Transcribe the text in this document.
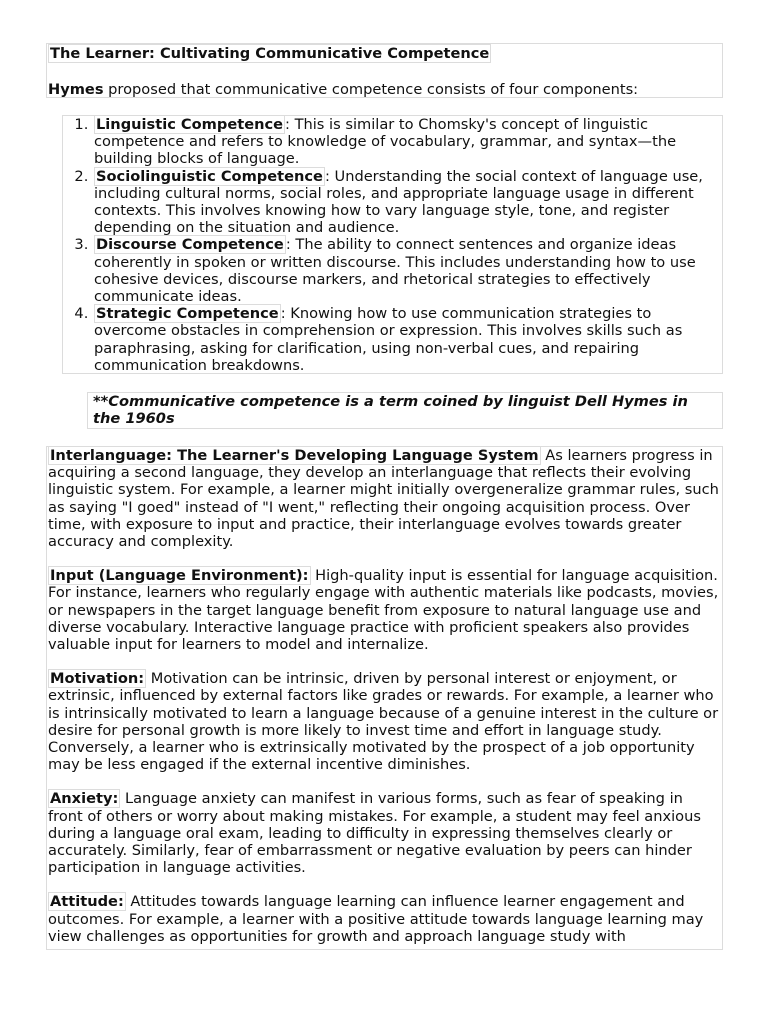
The Learner: Cultivating Communicative Competence
Hymes proposed that communicative competence consists of four components:
1. Linguistic Competence : This is similar to Chomsky's concept of linguistic competence and refers to knowledge of vocabulary, grammar, and syntax—the building blocks of language.
2. Sociolinguistic Competence : Understanding the social context of language use, including cultural norms, social roles, and appropriate language usage in different contexts. This involves knowing how to vary language style, tone, and register depending on the situation and audience.
3. Discourse Competence : The ability to connect sentences and organize ideas coherently in spoken or written discourse. This includes understanding how to use cohesive devices, discourse markers, and rhetorical strategies to effectively communicate ideas.
4. Strategic Competence : Knowing how to use communication strategies to overcome obstacles in comprehension or expression. This involves skills such as paraphrasing, asking for clarification, using non-verbal cues, and repairing communication breakdowns.
**Communicative competence is a term coined by linguist Dell Hymes in the 1960s

Interlanguage: The Learner's Developing Language System As learners progress in acquiring a second language, they develop an interlanguage that reflects their evolving linguistic system. For example, a learner might initially overgeneralize grammar rules, such as saying "I goed" instead of "I went," reflecting their ongoing acquisition process. Over time, with exposure to input and practice, their interlanguage evolves towards greater accuracy and complexity.

Input (Language Environment): High-quality input is essential for language acquisition. For instance, learners who regularly engage with authentic materials like podcasts, movies, or newspapers in the target language benefit from exposure to natural language use and diverse vocabulary. Interactive language practice with proficient speakers also provides valuable input for learners to model and internalize.

Motivation: Motivation can be intrinsic, driven by personal interest or enjoyment, or extrinsic, influenced by external factors like grades or rewards. For example, a learner who is intrinsically motivated to learn a language because of a genuine interest in the culture or desire for personal growth is more likely to invest time and effort in language study. Conversely, a learner who is extrinsically motivated by the prospect of a job opportunity may be less engaged if the external incentive diminishes.

Anxiety: Language anxiety can manifest in various forms, such as fear of speaking in front of others or worry about making mistakes. For example, a student may feel anxious during a language oral exam, leading to difficulty in expressing themselves clearly or accurately. Similarly, fear of embarrassment or negative evaluation by peers can hinder participation in language activities.

Attitude: Attitudes towards language learning can influence learner engagement and outcomes. For example, a learner with a positive attitude towards language learning may view challenges as opportunities for growth and approach language study with
